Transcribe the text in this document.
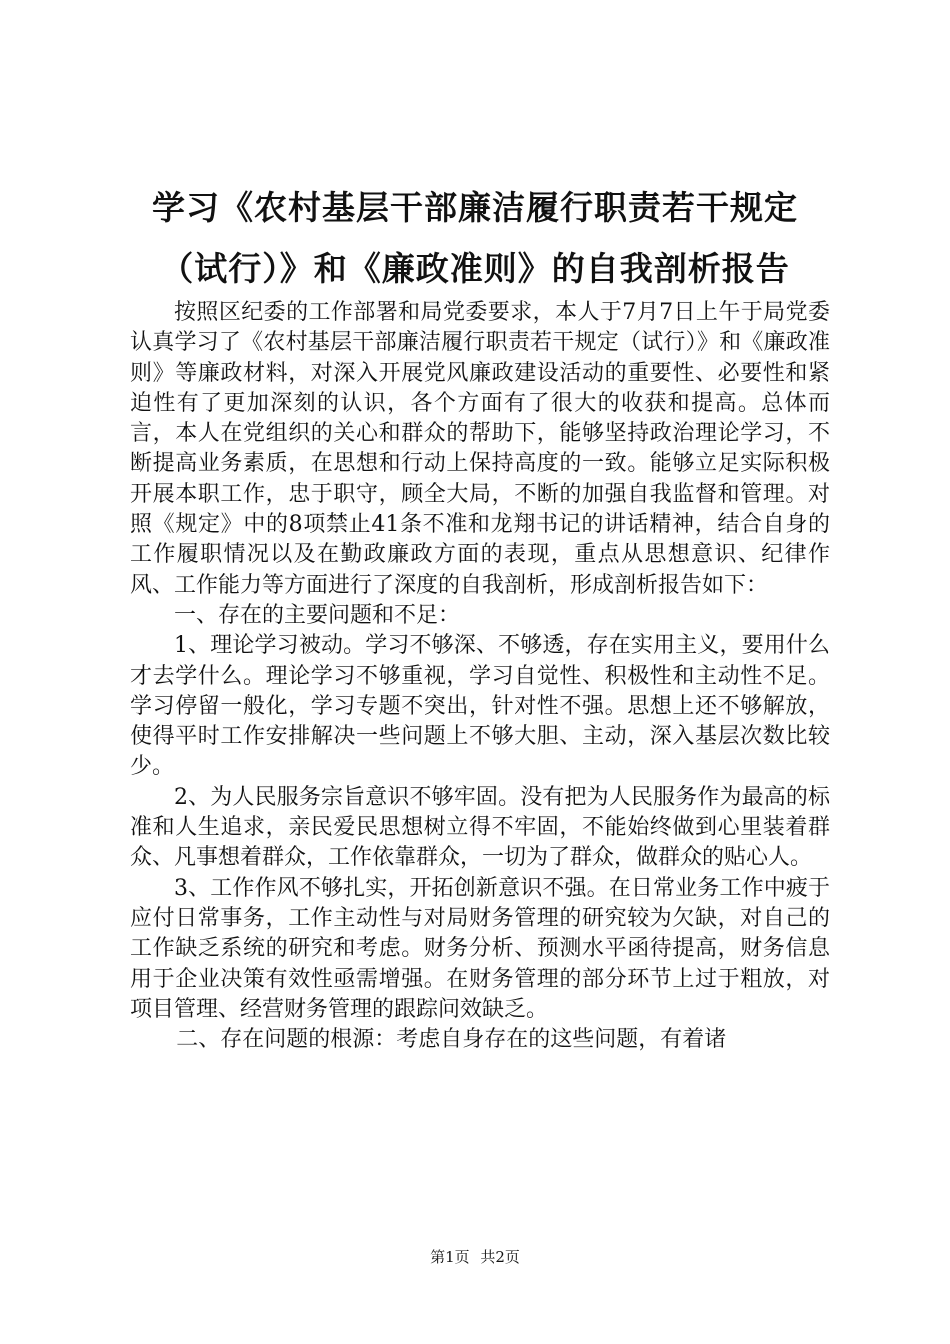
学习《农村基层干部廉洁履行职责若干规定
（试行）》和《廉政准则》的自我剖析报告

按照区纪委的工作部署和局党委要求，本人于7月7日上午于局党委认真学习了《农村基层干部廉洁履行职责若干规定（试行）》和《廉政准则》等廉政材料，对深入开展党风廉政建设活动的重要性、必要性和紧迫性有了更加深刻的认识，各个方面有了很大的收获和提高。总体而言，本人在党组织的关心和群众的帮助下，能够坚持政治理论学习，不断提高业务素质，在思想和行动上保持高度的一致。能够立足实际积极开展本职工作，忠于职守，顾全大局，不断的加强自我监督和管理。对照《规定》中的8项禁止41条不准和龙翔书记的讲话精神，结合自身的工作履职情况以及在勤政廉政方面的表现，重点从思想意识、纪律作风、工作能力等方面进行了深度的自我剖析，形成剖析报告如下：

一、存在的主要问题和不足：

1、理论学习被动。学习不够深、不够透，存在实用主义，要用什么才去学什么。理论学习不够重视，学习自觉性、积极性和主动性不足。学习停留一般化，学习专题不突出，针对性不强。思想上还不够解放，使得平时工作安排解决一些问题上不够大胆、主动，深入基层次数比较少。

2、为人民服务宗旨意识不够牢固。没有把为人民服务作为最高的标准和人生追求，亲民爱民思想树立得不牢固，不能始终做到心里装着群众、凡事想着群众，工作依靠群众，一切为了群众，做群众的贴心人。

3、工作作风不够扎实，开拓创新意识不强。在日常业务工作中疲于应付日常事务，工作主动性与对局财务管理的研究较为欠缺，对自己的工作缺乏系统的研究和考虑。财务分析、预测水平函待提高，财务信息用于企业决策有效性亟需增强。在财务管理的部分环节上过于粗放，对项目管理、经营财务管理的跟踪问效缺乏。

二、存在问题的根源：考虑自身存在的这些问题，有着诸

第1页 共2页
